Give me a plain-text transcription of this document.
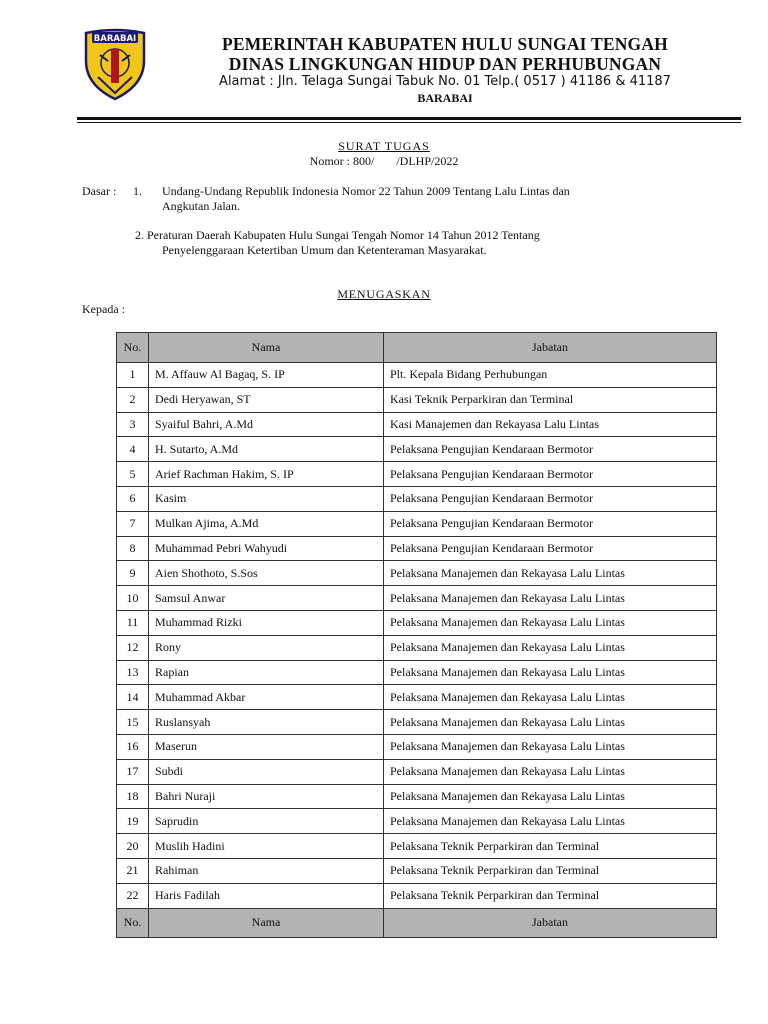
BARABAI	PEMERINTAH KABUPATEN HULU SUNGAI TENGAH
DINAS LINGKUNGAN HIDUP DAN PERHUBUNGAN
Alamat : Jln. Telaga Sungai Tabuk No. 01 Telp.( 0517 ) 41186 & 41187
BARABAI
SURAT TUGAS
Nomor : 800/ /DLHP/2022
Dasar : 1. Undang-Undang Republik Indonesia Nomor 22 Tahun 2009 Tentang Lalu Lintas dan
Angkutan Jalan.
2. Peraturan Daerah Kabupaten Hulu Sungai Tengah Nomor 14 Tahun 2012 Tentang
Penyelenggaraan Ketertiban Umum dan Ketenteraman Masyarakat.
MENUGASKAN
Kepada :
No.	Nama	Jabatan
1	M. Affauw Al Bagaq, S. IP	Plt. Kepala Bidang Perhubungan
2	Dedi Heryawan, ST	Kasi Teknik Perparkiran dan Terminal
3	Syaiful Bahri, A.Md	Kasi Manajemen dan Rekayasa Lalu Lintas
4	H. Sutarto, A.Md	Pelaksana Pengujian Kendaraan Bermotor
5	Arief Rachman Hakim, S. IP	Pelaksana Pengujian Kendaraan Bermotor
6	Kasim	Pelaksana Pengujian Kendaraan Bermotor
7	Mulkan Ajima, A.Md	Pelaksana Pengujian Kendaraan Bermotor
8	Muhammad Pebri Wahyudi	Pelaksana Pengujian Kendaraan Bermotor
9	Aien Shothoto, S.Sos	Pelaksana Manajemen dan Rekayasa Lalu Lintas
10	Samsul Anwar	Pelaksana Manajemen dan Rekayasa Lalu Lintas
11	Muhammad Rizki	Pelaksana Manajemen dan Rekayasa Lalu Lintas
12	Rony	Pelaksana Manajemen dan Rekayasa Lalu Lintas
13	Rapian	Pelaksana Manajemen dan Rekayasa Lalu Lintas
14	Muhammad Akbar	Pelaksana Manajemen dan Rekayasa Lalu Lintas
15	Ruslansyah	Pelaksana Manajemen dan Rekayasa Lalu Lintas
16	Maserun	Pelaksana Manajemen dan Rekayasa Lalu Lintas
17	Subdi	Pelaksana Manajemen dan Rekayasa Lalu Lintas
18	Bahri Nuraji	Pelaksana Manajemen dan Rekayasa Lalu Lintas
19	Saprudin	Pelaksana Manajemen dan Rekayasa Lalu Lintas
20	Muslih Hadini	Pelaksana Teknik Perparkiran dan Terminal
21	Rahiman	Pelaksana Teknik Perparkiran dan Terminal
22	Haris Fadilah	Pelaksana Teknik Perparkiran dan Terminal
No.	Nama	Jabatan
